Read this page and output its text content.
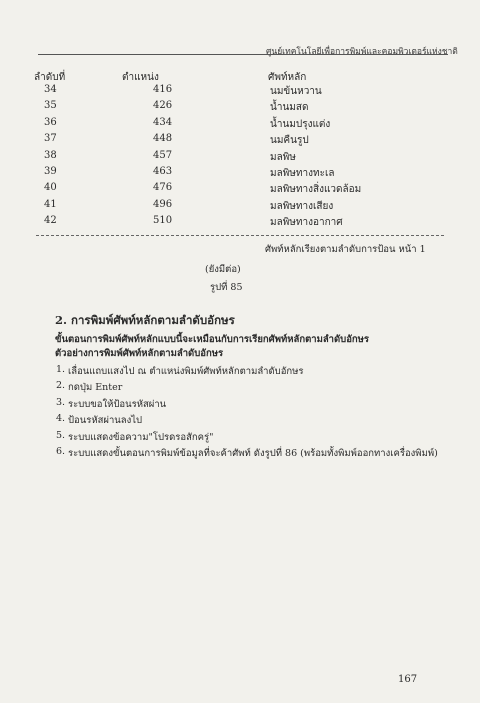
ศูนย์เทคโนโลยีเพื่อการพิมพ์และคอมพิวเตอร์แห่งชาติ
ลำดับที่	ตำแหน่ง	ศัพท์หลัก
34	416	นมข้นหวาน
35	426	น้ำนมสด
36	434	น้ำนมปรุงแต่ง
37	448	นมคืนรูป
38	457	มลพิษ
39	463	มลพิษทางทะเล
40	476	มลพิษทางสิ่งแวดล้อม
41	496	มลพิษทางเสียง
42	510	มลพิษทางอากาศ
ศัพท์หลักเรียงตามลำดับการป้อน หน้า 1
(ยังมีต่อ)
รูปที่ 85
2. การพิมพ์ศัพท์หลักตามลำดับอักษร
ขั้นตอนการพิมพ์ศัพท์หลักแบบนี้จะเหมือนกับการเรียกศัพท์หลักตามลำดับอักษร
ตัวอย่างการพิมพ์ศัพท์หลักตามลำดับอักษร
1. เลื่อนแถบแสงไป ณ ตำแหน่งพิมพ์ศัพท์หลักตามลำดับอักษร
2. กดปุ่ม Enter
3. ระบบขอให้ป้อนรหัสผ่าน
4. ป้อนรหัสผ่านลงไป
5. ระบบแสดงข้อความ"โปรดรอสักครู่"
6. ระบบแสดงขั้นตอนการพิมพ์ข้อมูลที่จะค้าศัพท์ ดังรูปที่ 86 (พร้อมทั้งพิมพ์ออกทางเครื่องพิมพ์)
167
